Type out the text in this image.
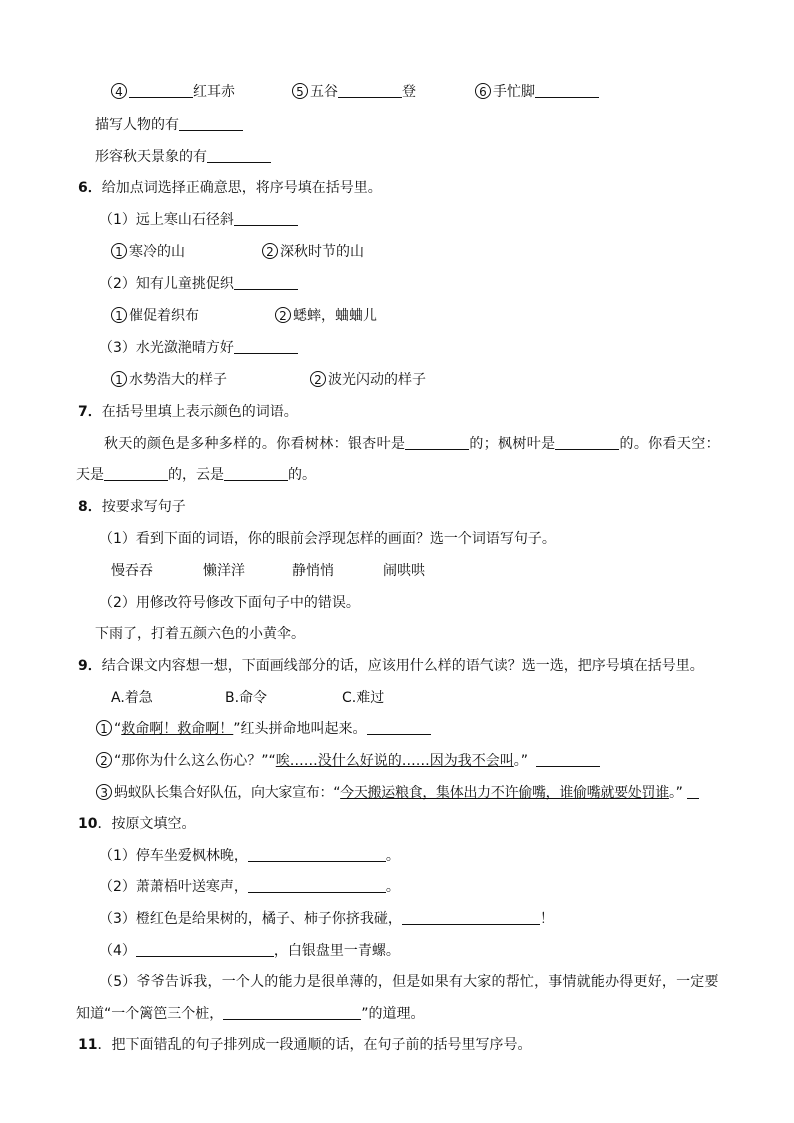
4	红耳赤	5 五谷	登	6 手忙脚
描写人物的有
形容秋天景象的有
6．给加点词选择正确意思，将序号填在括号里。
（1）远上寒山石径斜
1 寒冷的山	2 深秋时节的山
（2）知有儿童挑促织
1 催促着织布	2 蟋蟀，蛐蛐儿
（3）水光潋滟晴方好
1 水势浩大的样子	2 波光闪动的样子
7．在括号里填上表示颜色的词语。
秋天的颜色是多种多样的。你看树林：银杏叶是	的；枫树叶是	的。你看天空：
天是	的，云是	的。
8．按要求写句子
（1）看到下面的词语，你的眼前会浮现怎样的画面？选一个词语写句子。
慢吞吞	懒洋洋	静悄悄	闹哄哄
（2）用修改符号修改下面句子中的错误。
下雨了，打着五颜六色的小黄伞。
9．结合课文内容想一想，下面画线部分的话，应该用什么样的语气读？选一选，把序号填在括号里。
A.着急	B.命令	C.难过
1 “救命啊！救命啊！”红头拼命地叫起来。
2 “那你为什么这么伤心？”“唉……没什么好说的……因为我不会叫。”
3 蚂蚁队长集合好队伍，向大家宣布：“今天搬运粮食，集体出力不许偷嘴，谁偷嘴就要处罚谁。”
10．按原文填空。
（1）停车坐爱枫林晚，	。
（2）萧萧梧叶送寒声，	。
（3）橙红色是给果树的，橘子、柿子你挤我碰，	！
（4）	，白银盘里一青螺。
（5）爷爷告诉我，一个人的能力是很单薄的，但是如果有大家的帮忙，事情就能办得更好，一定要
知道“一个篱笆三个桩，	”的道理。
11．把下面错乱的句子排列成一段通顺的话，在句子前的括号里写序号。
